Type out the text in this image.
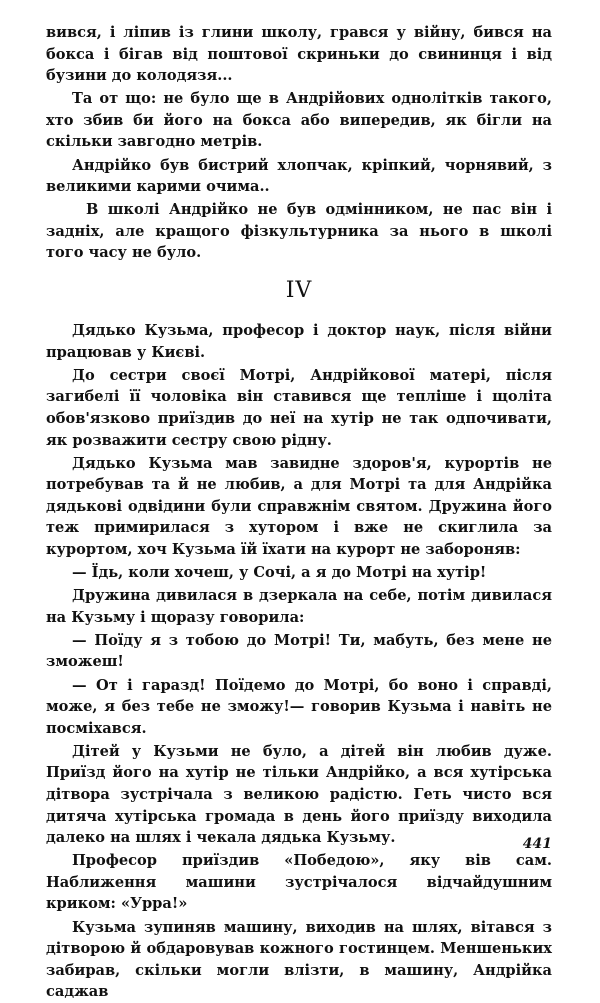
вився, і ліпив із глини школу, грався у війну, бився на бокса і бігав від поштової скриньки до свининця і від бузини до колодязя...

Та от що: не було ще в Андрійових однолітків такого, хто збив би його на бокса або випередив, як бігли на скільки завгодно метрів.

Андрійко був бистрий хлопчак, кріпкий, чорнявий, з великими карими очима..

В школі Андрійко не був одмінником, не пас він і задніх, але кращого фізкультурника за нього в школі того часу не було.

IV

Дядько Кузьма, професор і доктор наук, після війни працював у Києві.

До сестри своєї Мотрі, Андрійкової матері, після загибелі її чоловіка він ставився ще тепліше і щоліта обов'язково приїздив до неї на хутір не так одпочивати, як розважити сестру свою рідну.

Дядько Кузьма мав завидне здоров'я, курортів не потребував та й не любив, а для Мотрі та для Андрійка дядькові одвідини були справжнім святом. Дружина його теж примирилася з хутором і вже не скиглила за курортом, хоч Кузьма їй їхати на курорт не забороняв:

— Їдь, коли хочеш, у Сочі, а я до Мотрі на хутір!

Дружина дивилася в дзеркала на себе, потім дивилася на Кузьму і щоразу говорила:

— Поїду я з тобою до Мотрі! Ти, мабуть, без мене не зможеш!

— От і гаразд! Поїдемо до Мотрі, бо воно і справді, може, я без тебе не зможу!— говорив Кузьма і навіть не посміхався.

Дітей у Кузьми не було, а дітей він любив дуже. Приїзд його на хутір не тільки Андрійко, а вся хутірська дітвора зустрічала з великою радістю. Геть чисто вся дитяча хутірська громада в день його приїзду виходила далеко на шлях і чекала дядька Кузьму.

Професор приїздив «Победою», яку вів сам. Наближення машини зустрічалося відчайдушним криком: «Урра!»

Кузьма зупиняв машину, виходив на шлях, вітався з дітворою й обдаровував кожного гостинцем. Меншеньких забирав, скільки могли влізти, в машину, Андрійка саджав

441
